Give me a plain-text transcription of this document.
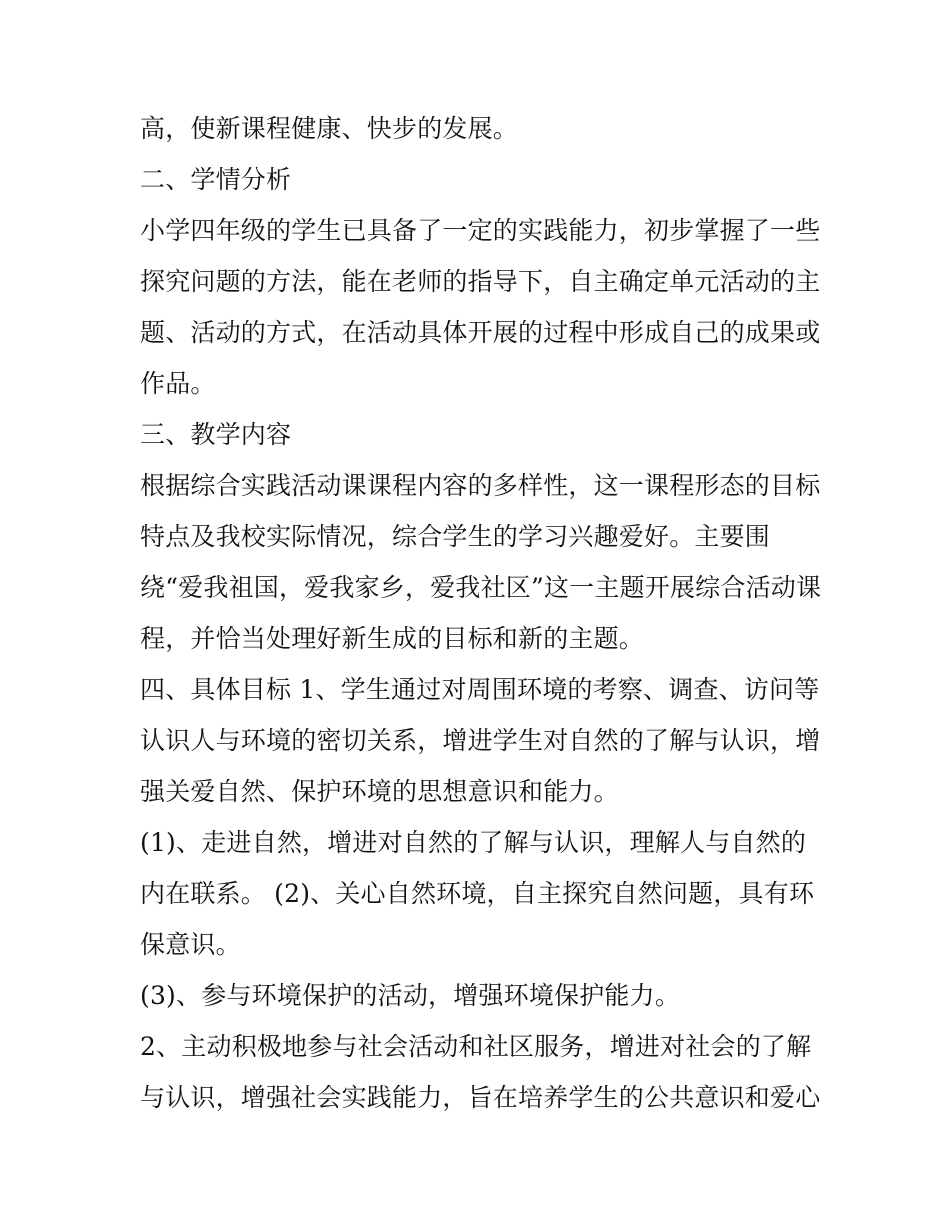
高，使新课程健康、快步的发展。
二、学情分析
小学四年级的学生已具备了一定的实践能力，初步掌握了一些
探究问题的方法，能在老师的指导下，自主确定单元活动的主
题、活动的方式，在活动具体开展的过程中形成自己的成果或
作品。
三、教学内容
根据综合实践活动课课程内容的多样性，这一课程形态的目标
特点及我校实际情况，综合学生的学习兴趣爱好。主要围
绕“爱我祖国，爱我家乡，爱我社区”这一主题开展综合活动课
程，并恰当处理好新生成的目标和新的主题。
四、具体目标 1、学生通过对周围环境的考察、调查、访问等
认识人与环境的密切关系，增进学生对自然的了解与认识，增
强关爱自然、保护环境的思想意识和能力。
(1)、走进自然，增进对自然的了解与认识，理解人与自然的
内在联系。 (2)、关心自然环境，自主探究自然问题，具有环
保意识。
(3)、参与环境保护的活动，增强环境保护能力。
2、主动积极地参与社会活动和社区服务，增进对社会的了解
与认识，增强社会实践能力，旨在培养学生的公共意识和爱心
